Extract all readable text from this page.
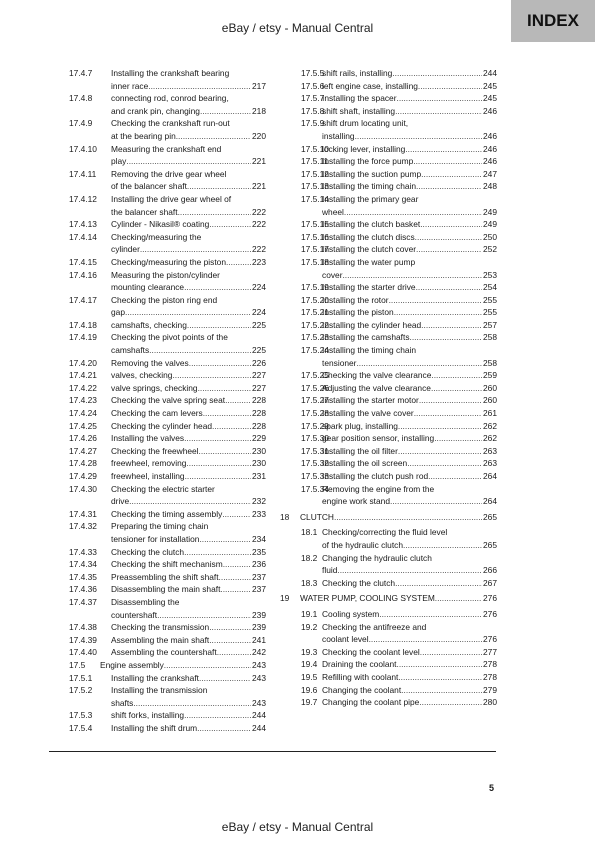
eBay / etsy - Manual Central	INDEX
17.4.7 Installing the crankshaft bearing
inner race .....	217
17.4.8 connecting rod, conrod bearing,
and crank pin, changing .....	218
17.4.9 Checking the crankshaft run-out
at the bearing pin .....	220
17.4.10 Measuring the crankshaft end
play .....	221
17.4.11 Removing the drive gear wheel
of the balancer shaft .....	221
17.4.12 Installing the drive gear wheel of
the balancer shaft .....	222
17.4.13 Cylinder - Nikasil® coating .....	222
17.4.14 Checking/measuring the
cylinder .....	222
17.4.15 Checking/measuring the piston .....	223
17.4.16 Measuring the piston/cylinder
mounting clearance .....	224
17.4.17 Checking the piston ring end
gap .....	224
17.4.18 camshafts, checking .....	225
17.4.19 Checking the pivot points of the
camshafts .....	225
17.4.20 Removing the valves .....	226
17.4.21 valves, checking .....	227
17.4.22 valve springs, checking .....	227
17.4.23 Checking the valve spring seat .....	228
17.4.24 Checking the cam levers .....	228
17.4.25 Checking the cylinder head .....	228
17.4.26 Installing the valves .....	229
17.4.27 Checking the freewheel .....	230
17.4.28 freewheel, removing .....	230
17.4.29 freewheel, installing .....	231
17.4.30 Checking the electric starter
drive .....	232
17.4.31 Checking the timing assembly .....	233
17.4.32 Preparing the timing chain
tensioner for installation .....	234
17.4.33 Checking the clutch .....	235
17.4.34 Checking the shift mechanism .....	236
17.4.35 Preassembling the shift shaft .....	237
17.4.36 Disassembling the main shaft .....	237
17.4.37 Disassembling the
countershaft .....	239
17.4.38 Checking the transmission .....	239
17.4.39 Assembling the main shaft .....	241
17.4.40 Assembling the countershaft .....	242
17.5 Engine assembly .....	243
17.5.1 Installing the crankshaft .....	243
17.5.2 Installing the transmission
shafts .....	243
17.5.3 shift forks, installing .....	244
17.5.4 Installing the shift drum .....	244
17.5.5
shift rails, installing .....	244
17.5.6
left engine case, installing .....	245
17.5.7
Installing the spacer .....	245
17.5.8
shift shaft, installing .....	246
17.5.9
shift drum locating unit,
installing .....	246
17.5.10
locking lever, installing .....	246
17.5.11
Installing the force pump .....	246
17.5.12
Installing the suction pump .....	247
17.5.13
Installing the timing chain .....	248
17.5.14
Installing the primary gear
wheel .....	249
17.5.15
Installing the clutch basket .....	249
17.5.16
Installing the clutch discs .....	250
17.5.17
Installing the clutch cover .....	252
17.5.18
Installing the water pump
cover .....	253
17.5.19
Installing the starter drive .....	254
17.5.20
Installing the rotor .....	255
17.5.21
Installing the piston .....	255
17.5.22
Installing the cylinder head .....	257
17.5.23
Installing the camshafts .....	258
17.5.24
Installing the timing chain
tensioner .....	258
17.5.25
Checking the valve clearance .....	259
17.5.26
Adjusting the valve clearance .....	260
17.5.27
Installing the starter motor .....	260
17.5.28
Installing the valve cover .....	261
17.5.29
spark plug, installing .....	262
17.5.30
gear position sensor, installing .....	262
17.5.31
Installing the oil filter .....	263
17.5.32
Installing the oil screen .....	263
17.5.33
Installing the clutch push rod .....	264
17.5.34
Removing the engine from the
engine work stand .....	264
18 CLUTCH .....	265
18.1 Checking/correcting the fluid level
of the hydraulic clutch .....	265
18.2 Changing the hydraulic clutch
fluid .....	266
18.3 Checking the clutch .....	267
19 WATER PUMP, COOLING SYSTEM .....	276
19.1 Cooling system .....	276
19.2 Checking the antifreeze and
coolant level .....	276
19.3 Checking the coolant level .....	277
19.4 Draining the coolant .....	278
19.5 Refilling with coolant .....	278
19.6 Changing the coolant .....	279
19.7 Changing the coolant pipe .....	280
5
eBay / etsy - Manual Central
